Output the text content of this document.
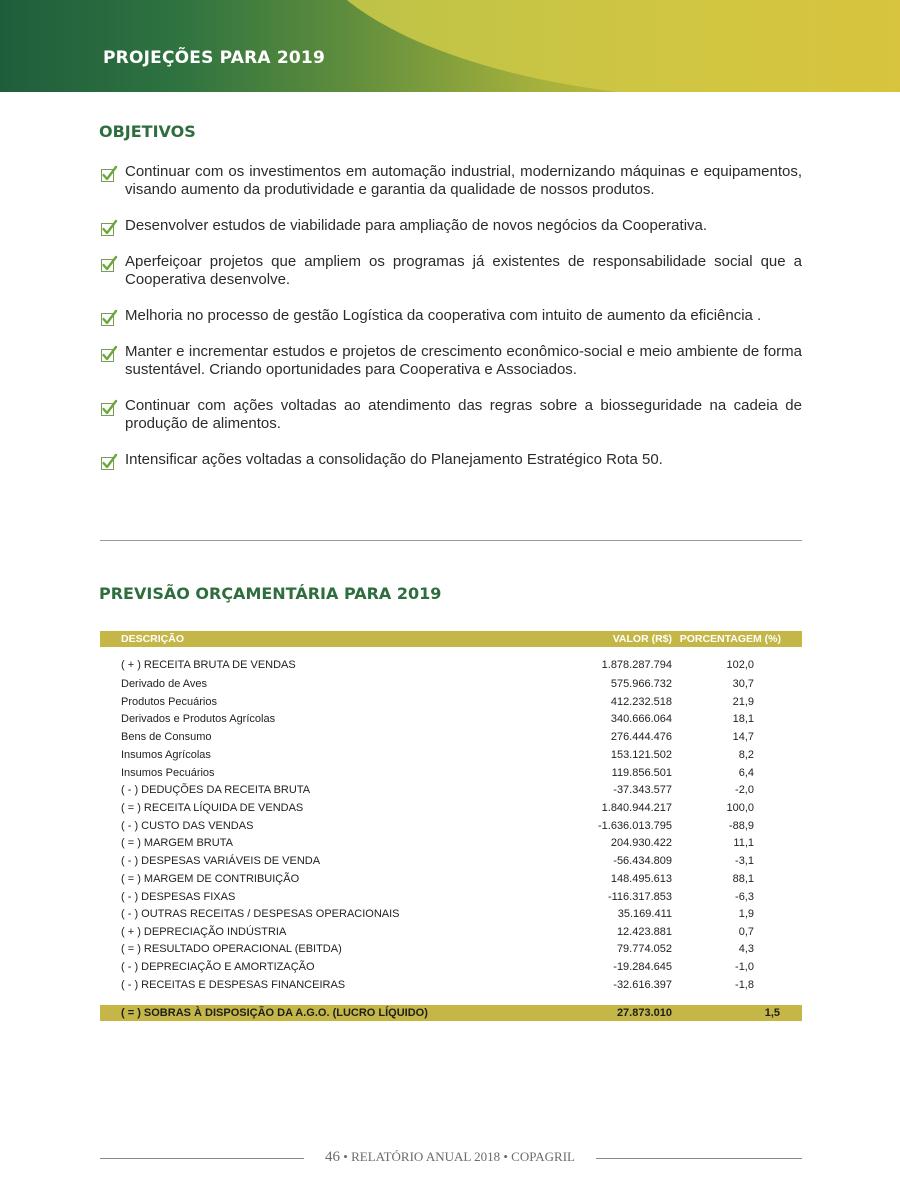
PROJEÇÕES PARA 2019
OBJETIVOS
Continuar com os investimentos em automação industrial, modernizando máquinas e equipamentos, visando aumento da produtividade e garantia da qualidade de nossos produtos.
Desenvolver estudos de viabilidade para ampliação de novos negócios da Cooperativa.
Aperfeiçoar projetos que ampliem os programas já existentes de responsabilidade social que a Cooperativa desenvolve.
Melhoria no processo de gestão Logística da cooperativa com intuito de aumento da eficiência .
Manter e incrementar estudos e projetos de crescimento econômico-social e meio ambiente de forma sustentável. Criando oportunidades para Cooperativa e Associados.
Continuar com ações voltadas ao atendimento das regras sobre a biosseguridade na cadeia de produção de alimentos.
Intensificar ações voltadas a consolidação do Planejamento Estratégico Rota 50.
PREVISÃO ORÇAMENTÁRIA PARA 2019
DESCRIÇÃO	VALOR (R$) PORCENTAGEM (%)
( + ) RECEITA BRUTA DE VENDAS	1.878.287.794	102,0
Derivado de Aves	575.966.732	30,7
Produtos Pecuários	412.232.518	21,9
Derivados e Produtos Agrícolas	340.666.064	18,1
Bens de Consumo	276.444.476	14,7
Insumos Agrícolas	153.121.502	8,2
Insumos Pecuários	119.856.501	6,4
( - ) DEDUÇÕES DA RECEITA BRUTA	-37.343.577	-2,0
( = ) RECEITA LÍQUIDA DE VENDAS	1.840.944.217	100,0
( - ) CUSTO DAS VENDAS	-1.636.013.795	-88,9
( = ) MARGEM BRUTA	204.930.422	11,1
( - ) DESPESAS VARIÁVEIS DE VENDA	-56.434.809	-3,1
( = ) MARGEM DE CONTRIBUIÇÃO	148.495.613	88,1
( - ) DESPESAS FIXAS	-116.317.853	-6,3
( - ) OUTRAS RECEITAS / DESPESAS OPERACIONAIS	35.169.411	1,9
( + ) DEPRECIAÇÃO INDÚSTRIA	12.423.881	0,7
( = ) RESULTADO OPERACIONAL (EBITDA)	79.774.052	4,3
( - ) DEPRECIAÇÃO E AMORTIZAÇÃO	-19.284.645	-1,0
( - ) RECEITAS E DESPESAS FINANCEIRAS	-32.616.397	-1,8
( = ) SOBRAS À DISPOSIÇÃO DA A.G.O. (LUCRO LÍQUIDO)	27.873.010	1,5
46 • RELATÓRIO ANUAL 2018 • COPAGRIL
